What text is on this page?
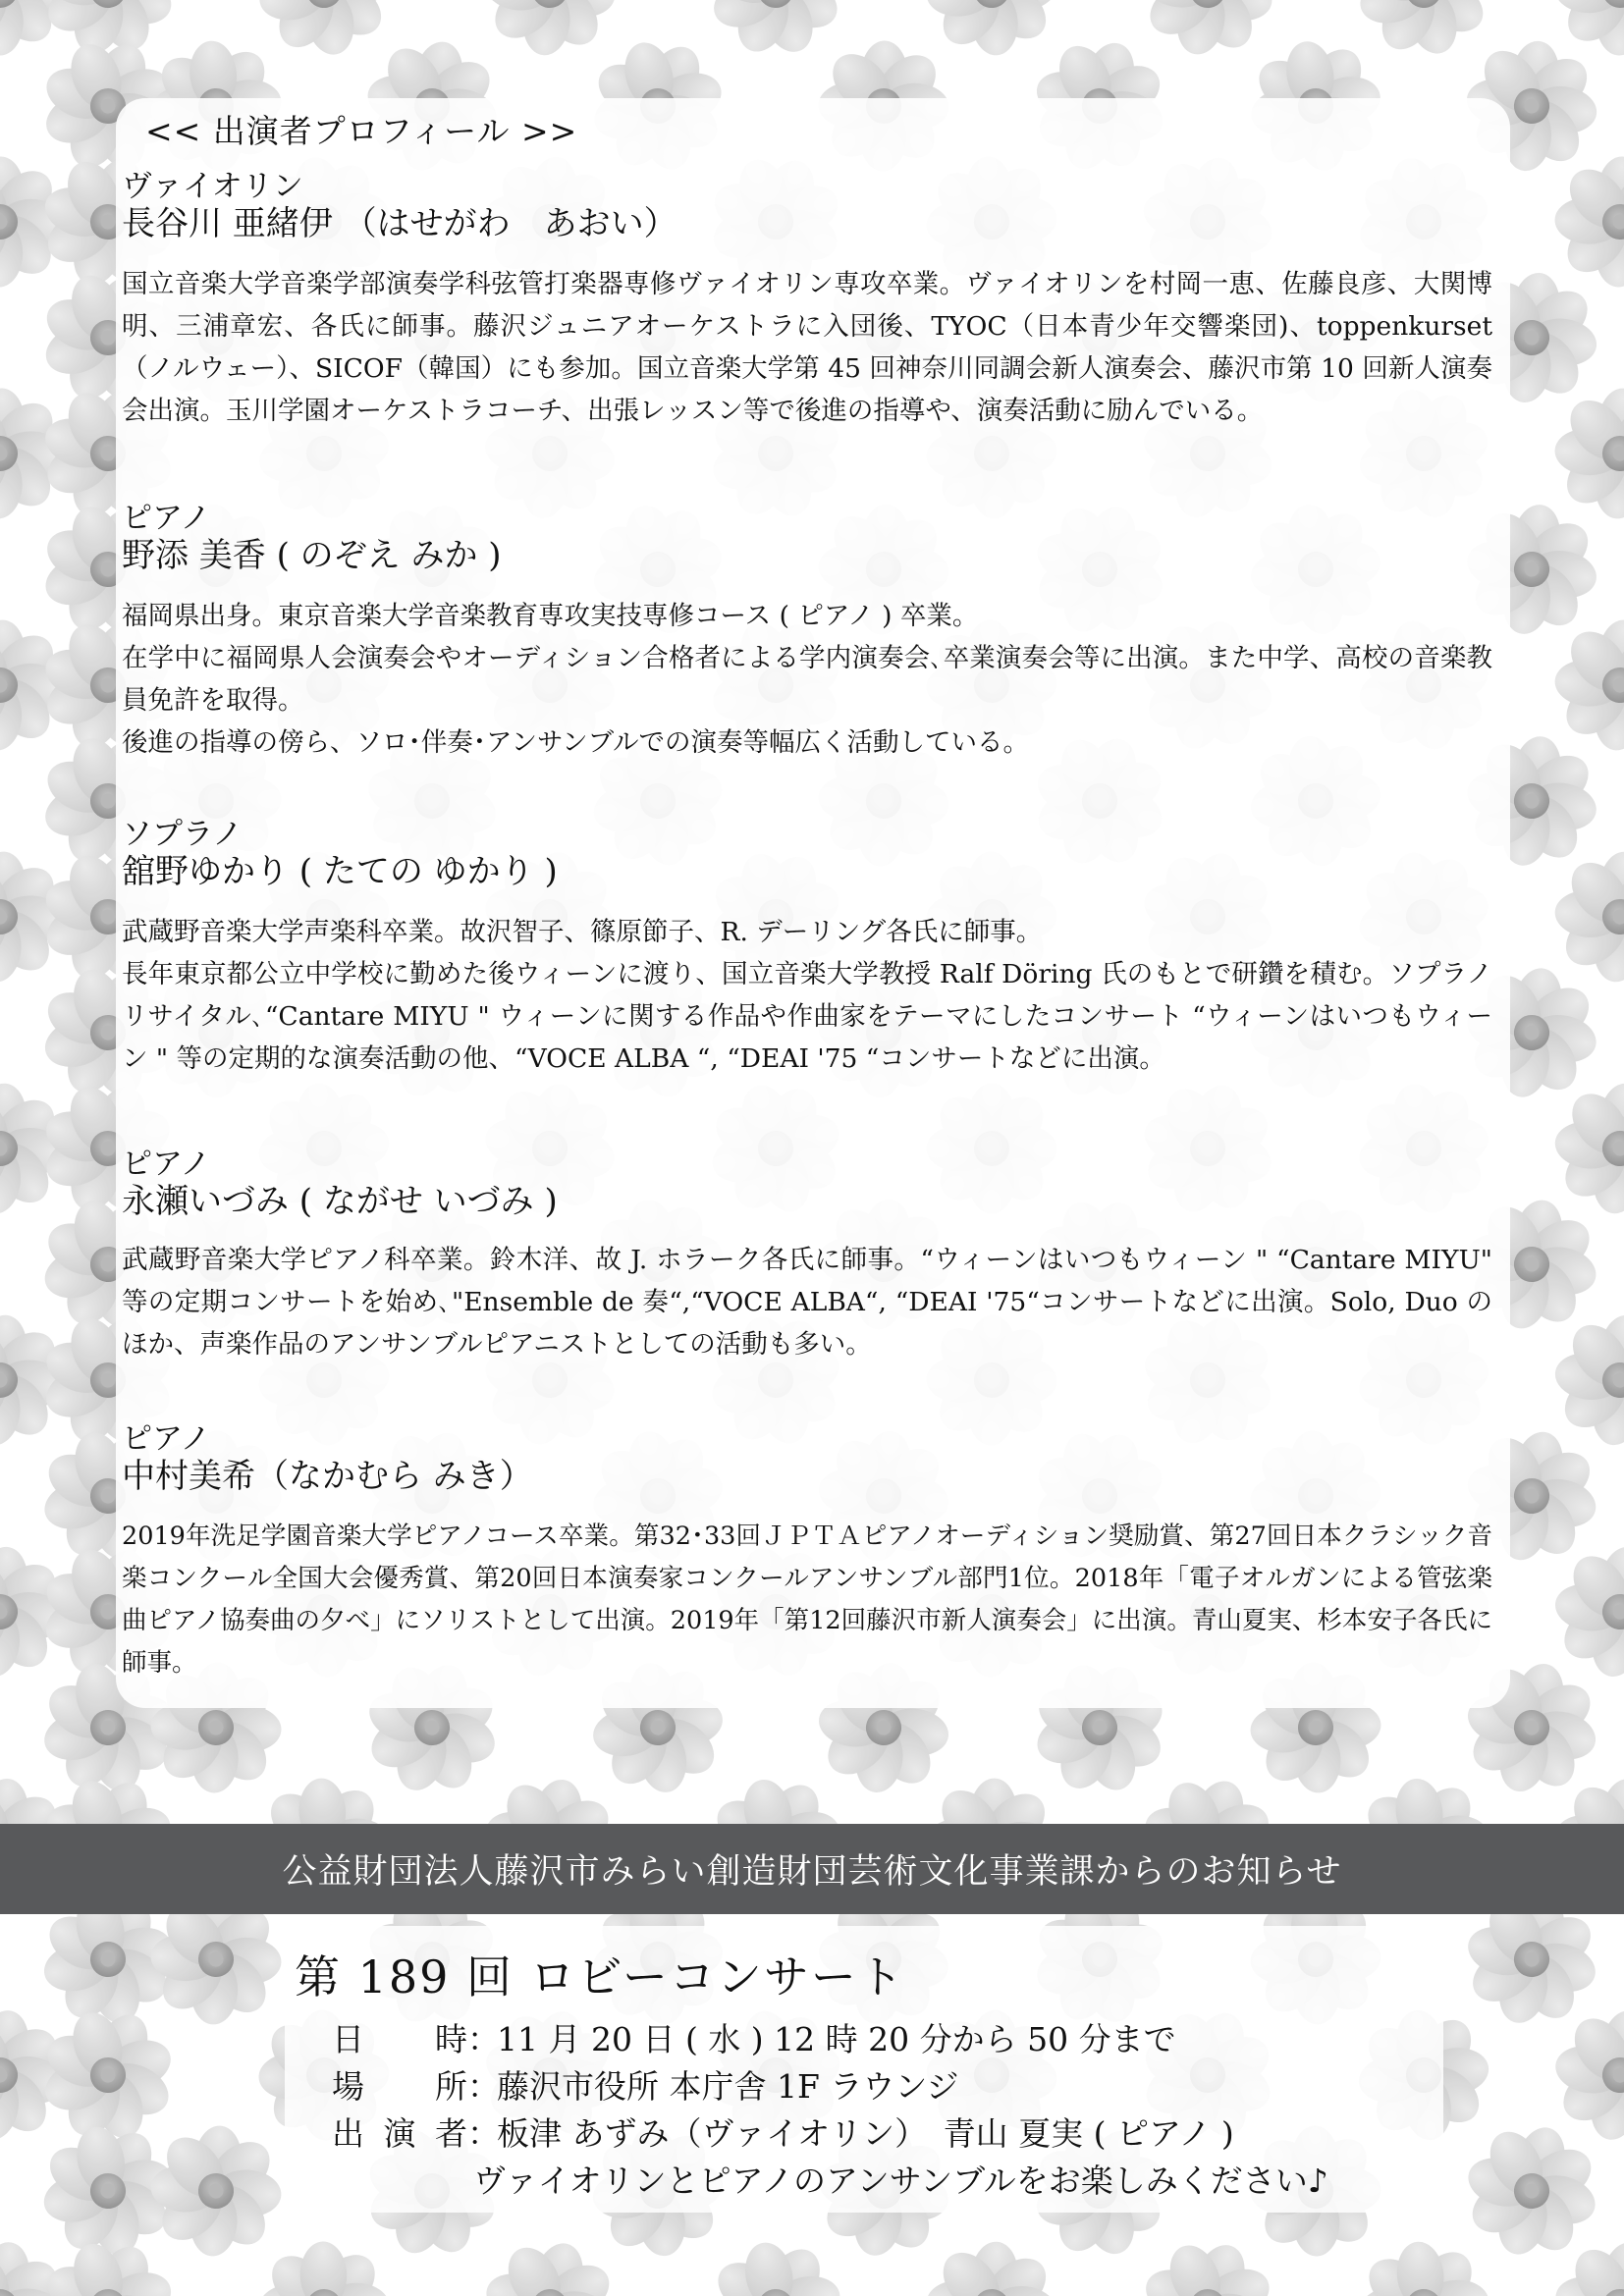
<< 出演者プロフィール >>
ヴァイオリン
長谷川 亜緒伊 （はせがわ　あおい）

国立音楽大学音楽学部演奏学科弦管打楽器専修ヴァイオリン専攻卒業。ヴァイオリンを村岡一恵、佐藤良彦、大関博明、三浦章宏、各氏に師事。藤沢ジュニアオーケストラに入団後、TYOC（日本青少年交響楽団)、toppenkurset（ノルウェー）、SICOF（韓国）にも参加。国立音楽大学第 45 回神奈川同調会新人演奏会、藤沢市第 10 回新人演奏会出演。玉川学園オーケストラコーチ、出張レッスン等で後進の指導や、演奏活動に励んでいる。

ピアノ
野添 美香 ( のぞえ みか )

福岡県出身。東京音楽大学音楽教育専攻実技専修コース ( ピアノ ) 卒業。

在学中に福岡県人会演奏会やオーディション合格者による学内演奏会､卒業演奏会等に出演。また中学、高校の音楽教員免許を取得。

後進の指導の傍ら、ソロ･伴奏･アンサンブルでの演奏等幅広く活動している。

ソプラノ
舘野ゆかり ( たての ゆかり )

武蔵野音楽大学声楽科卒業。故沢智子、篠原節子、R. デーリング各氏に師事。

長年東京都公立中学校に勤めた後ウィーンに渡り、国立音楽大学教授 Ralf Döring 氏のもとで研鑽を積む。ソプラノリサイタル､“Cantare MIYU " ウィーンに関する作品や作曲家をテーマにしたコンサート “ウィーンはいつもウィーン " 等の定期的な演奏活動の他、“VOCE ALBA “, “DEAI '75 “コンサートなどに出演。

ピアノ
永瀬いづみ ( ながせ いづみ )

武蔵野音楽大学ピアノ科卒業。鈴木洋、故 J. ホラーク各氏に師事。“ウィーンはいつもウィーン " “Cantare MIYU" 等の定期コンサートを始め､"Ensemble de 奏“,“VOCE ALBA“, “DEAI '75“コンサートなどに出演。Solo, Duo のほか、声楽作品のアンサンブルピアニストとしての活動も多い。

ピアノ
中村美希（なかむら みき）

2019年洗足学園音楽大学ピアノコース卒業。第32･33回ＪＰＴＡピアノオーディション奨励賞、第27回日本クラシック音楽コンクール全国大会優秀賞、第20回日本演奏家コンクールアンサンブル部門1位。2018年「電子オルガンによる管弦楽曲ピアノ協奏曲の夕べ」にソリストとして出演。2019年「第12回藤沢市新人演奏会」に出演。青山夏実、杉本安子各氏に師事。

公益財団法人藤沢市みらい創造財団芸術文化事業課からのお知らせ
第 189 回 ロビーコンサート
日　時 ：
11 月 20 日 ( 水 ) 12 時 20 分から 50 分まで
場　所 ：
藤沢市役所 本庁舎 1F ラウンジ
出演者 ：
板津 あずみ（ヴァイオリン）　青山 夏実 ( ピアノ )
ヴァイオリンとピアノのアンサンブルをお楽しみください♪
